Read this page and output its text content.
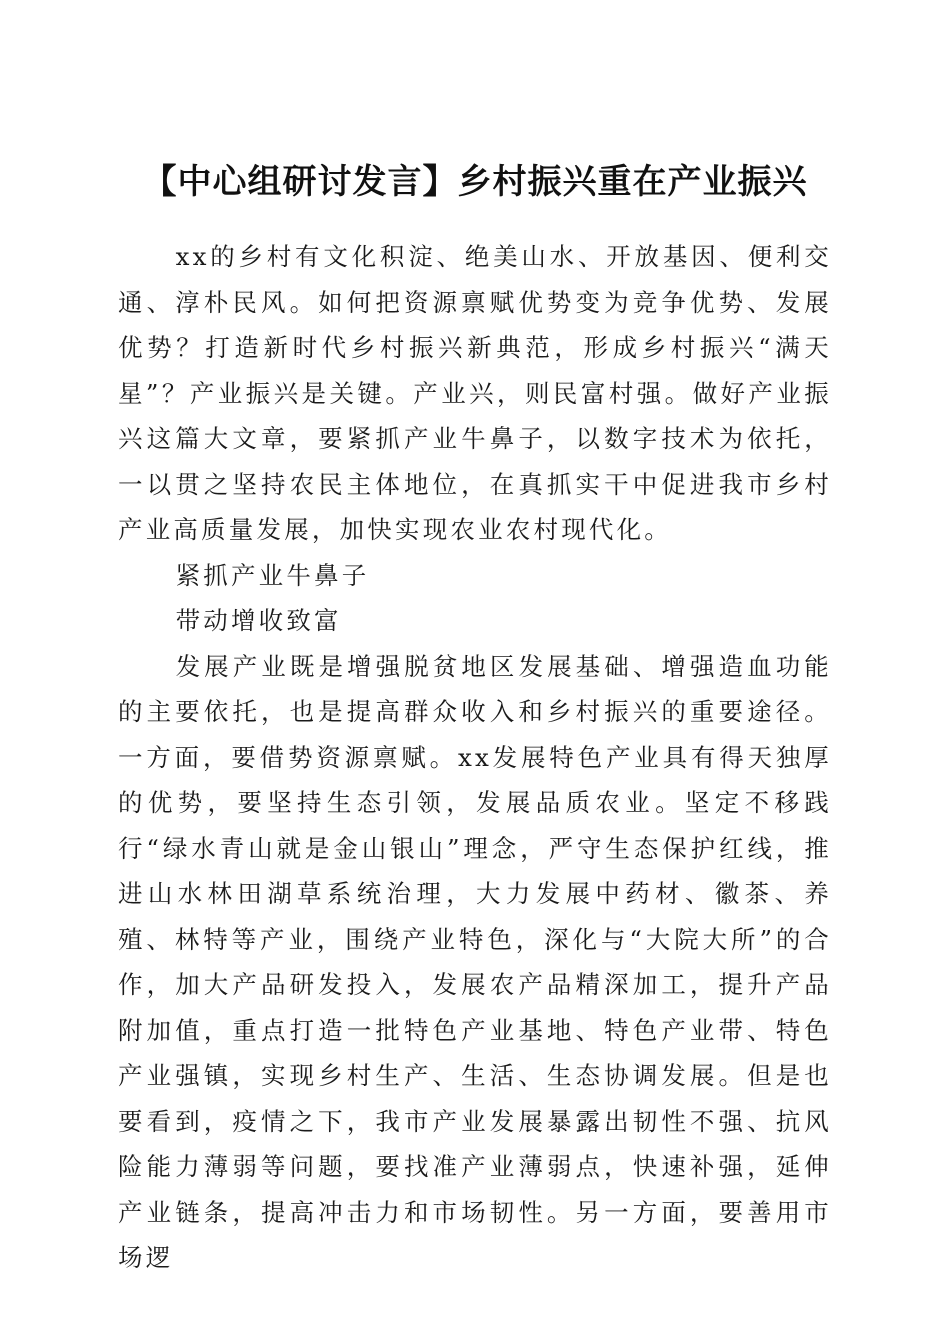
【中心组研讨发言】乡村振兴重在产业振兴

xx的乡村有文化积淀、绝美山水、开放基因、便利交通、淳朴民风。如何把资源禀赋优势变为竞争优势、发展优势？打造新时代乡村振兴新典范，形成乡村振兴“满天星”？产业振兴是关键。产业兴，则民富村强。做好产业振兴这篇大文章，要紧抓产业牛鼻子，以数字技术为依托，一以贯之坚持农民主体地位，在真抓实干中促进我市乡村产业高质量发展，加快实现农业农村现代化。

紧抓产业牛鼻子

带动增收致富

发展产业既是增强脱贫地区发展基础、增强造血功能的主要依托，也是提高群众收入和乡村振兴的重要途径。一方面，要借势资源禀赋。xx发展特色产业具有得天独厚的优势，要坚持生态引领，发展品质农业。坚定不移践行“绿水青山就是金山银山”理念，严守生态保护红线，推进山水林田湖草系统治理，大力发展中药材、徽茶、养殖、林特等产业，围绕产业特色，深化与“大院大所”的合作，加大产品研发投入，发展农产品精深加工，提升产品附加值，重点打造一批特色产业基地、特色产业带、特色产业强镇，实现乡村生产、生活、生态协调发展。但是也要看到，疫情之下，我市产业发展暴露出韧性不强、抗风险能力薄弱等问题，要找准产业薄弱点，快速补强，延伸产业链条，提高冲击力和市场韧性。另一方面，要善用市场逻
